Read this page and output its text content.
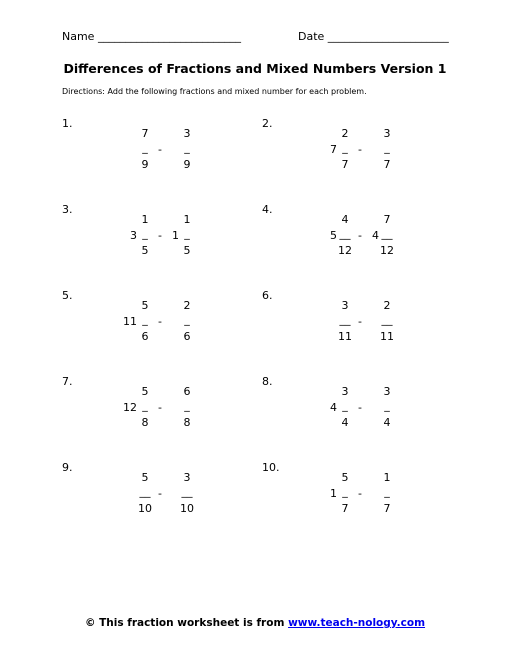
Name __________________________	Date ______________________
Differences of Fractions and Mixed Numbers Version 1
Directions: Add the following fractions and mixed number for each problem.
1.
7
_
9
-
3
_
9
2.
7
2
_
7
-
3
_
7
3.
3
1
_
5
- 1
1
_
5
4.
5
4
__
12
- 4
7
__
12
5.
11
5
_
6
-
2
_
6
6.
3
__
11
-
2
__
11
7.
12
5
_
8
-
6
_
8
8.
4
3
_
4
-
3
_
4
9.
5
__
10
-
3
__
10
10.
1
5
_
7
-
1
_
7
© This fraction worksheet is from www.teach-nology.com
